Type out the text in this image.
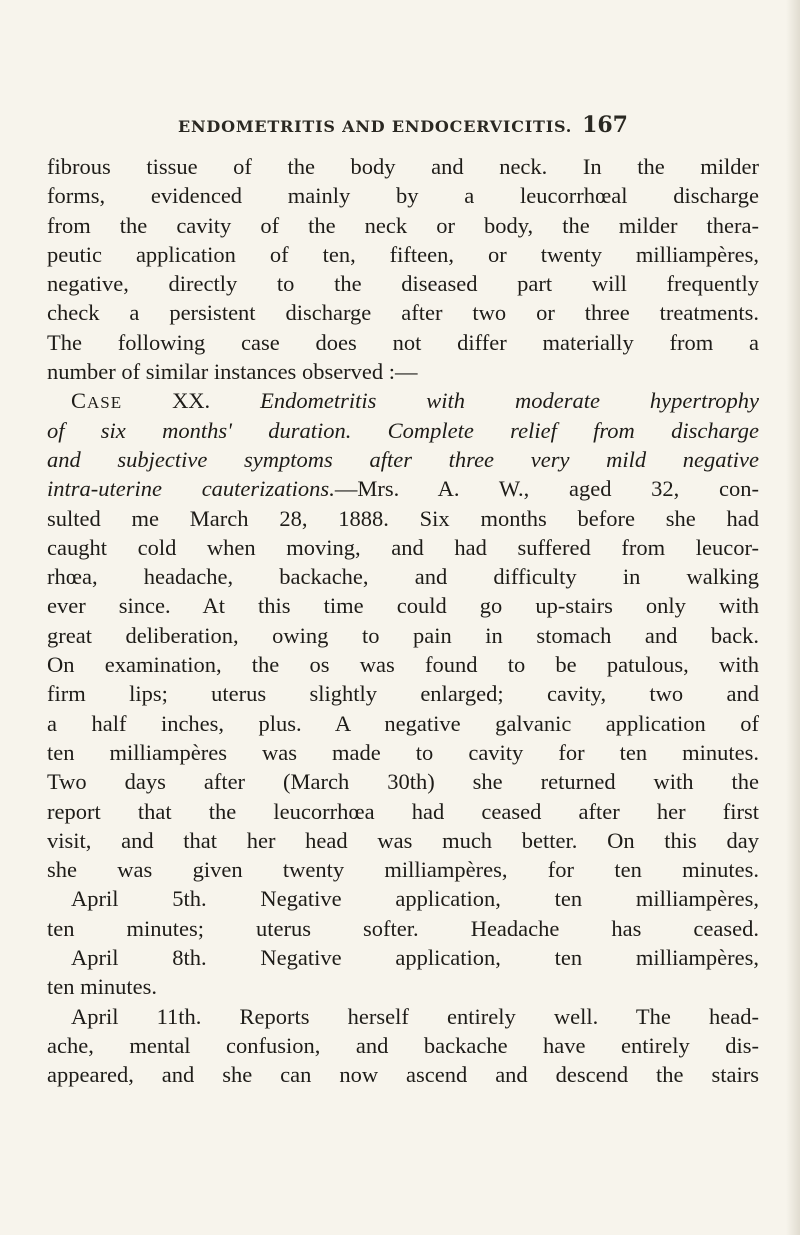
ENDOMETRITIS AND ENDOCERVICITIS. 167
fibrous tissue of the body and neck. In the milder
forms, evidenced mainly by a leucorrhœal discharge
from the cavity of the neck or body, the milder thera-
peutic application of ten, fifteen, or twenty milliampères,
negative, directly to the diseased part will frequently
check a persistent discharge after two or three treatments.
The following case does not differ materially from a
number of similar instances observed :—
CASE XX. Endometritis with moderate hypertrophy
of six months' duration. Complete relief from discharge
and subjective symptoms after three very mild negative
intra-uterine cauterizations.—Mrs. A. W., aged 32, con-
sulted me March 28, 1888. Six months before she had
caught cold when moving, and had suffered from leucor-
rhœa, headache, backache, and difficulty in walking
ever since. At this time could go up-stairs only with
great deliberation, owing to pain in stomach and back.
On examination, the os was found to be patulous, with
firm lips; uterus slightly enlarged; cavity, two and
a half inches, plus. A negative galvanic application of
ten milliampères was made to cavity for ten minutes.
Two days after (March 30th) she returned with the
report that the leucorrhœa had ceased after her first
visit, and that her head was much better. On this day
she was given twenty milliampères, for ten minutes.
April 5th. Negative application, ten milliampères,
ten minutes; uterus softer. Headache has ceased.
April 8th. Negative application, ten milliampères,
ten minutes.
April 11th. Reports herself entirely well. The head-
ache, mental confusion, and backache have entirely dis-
appeared, and she can now ascend and descend the stairs
